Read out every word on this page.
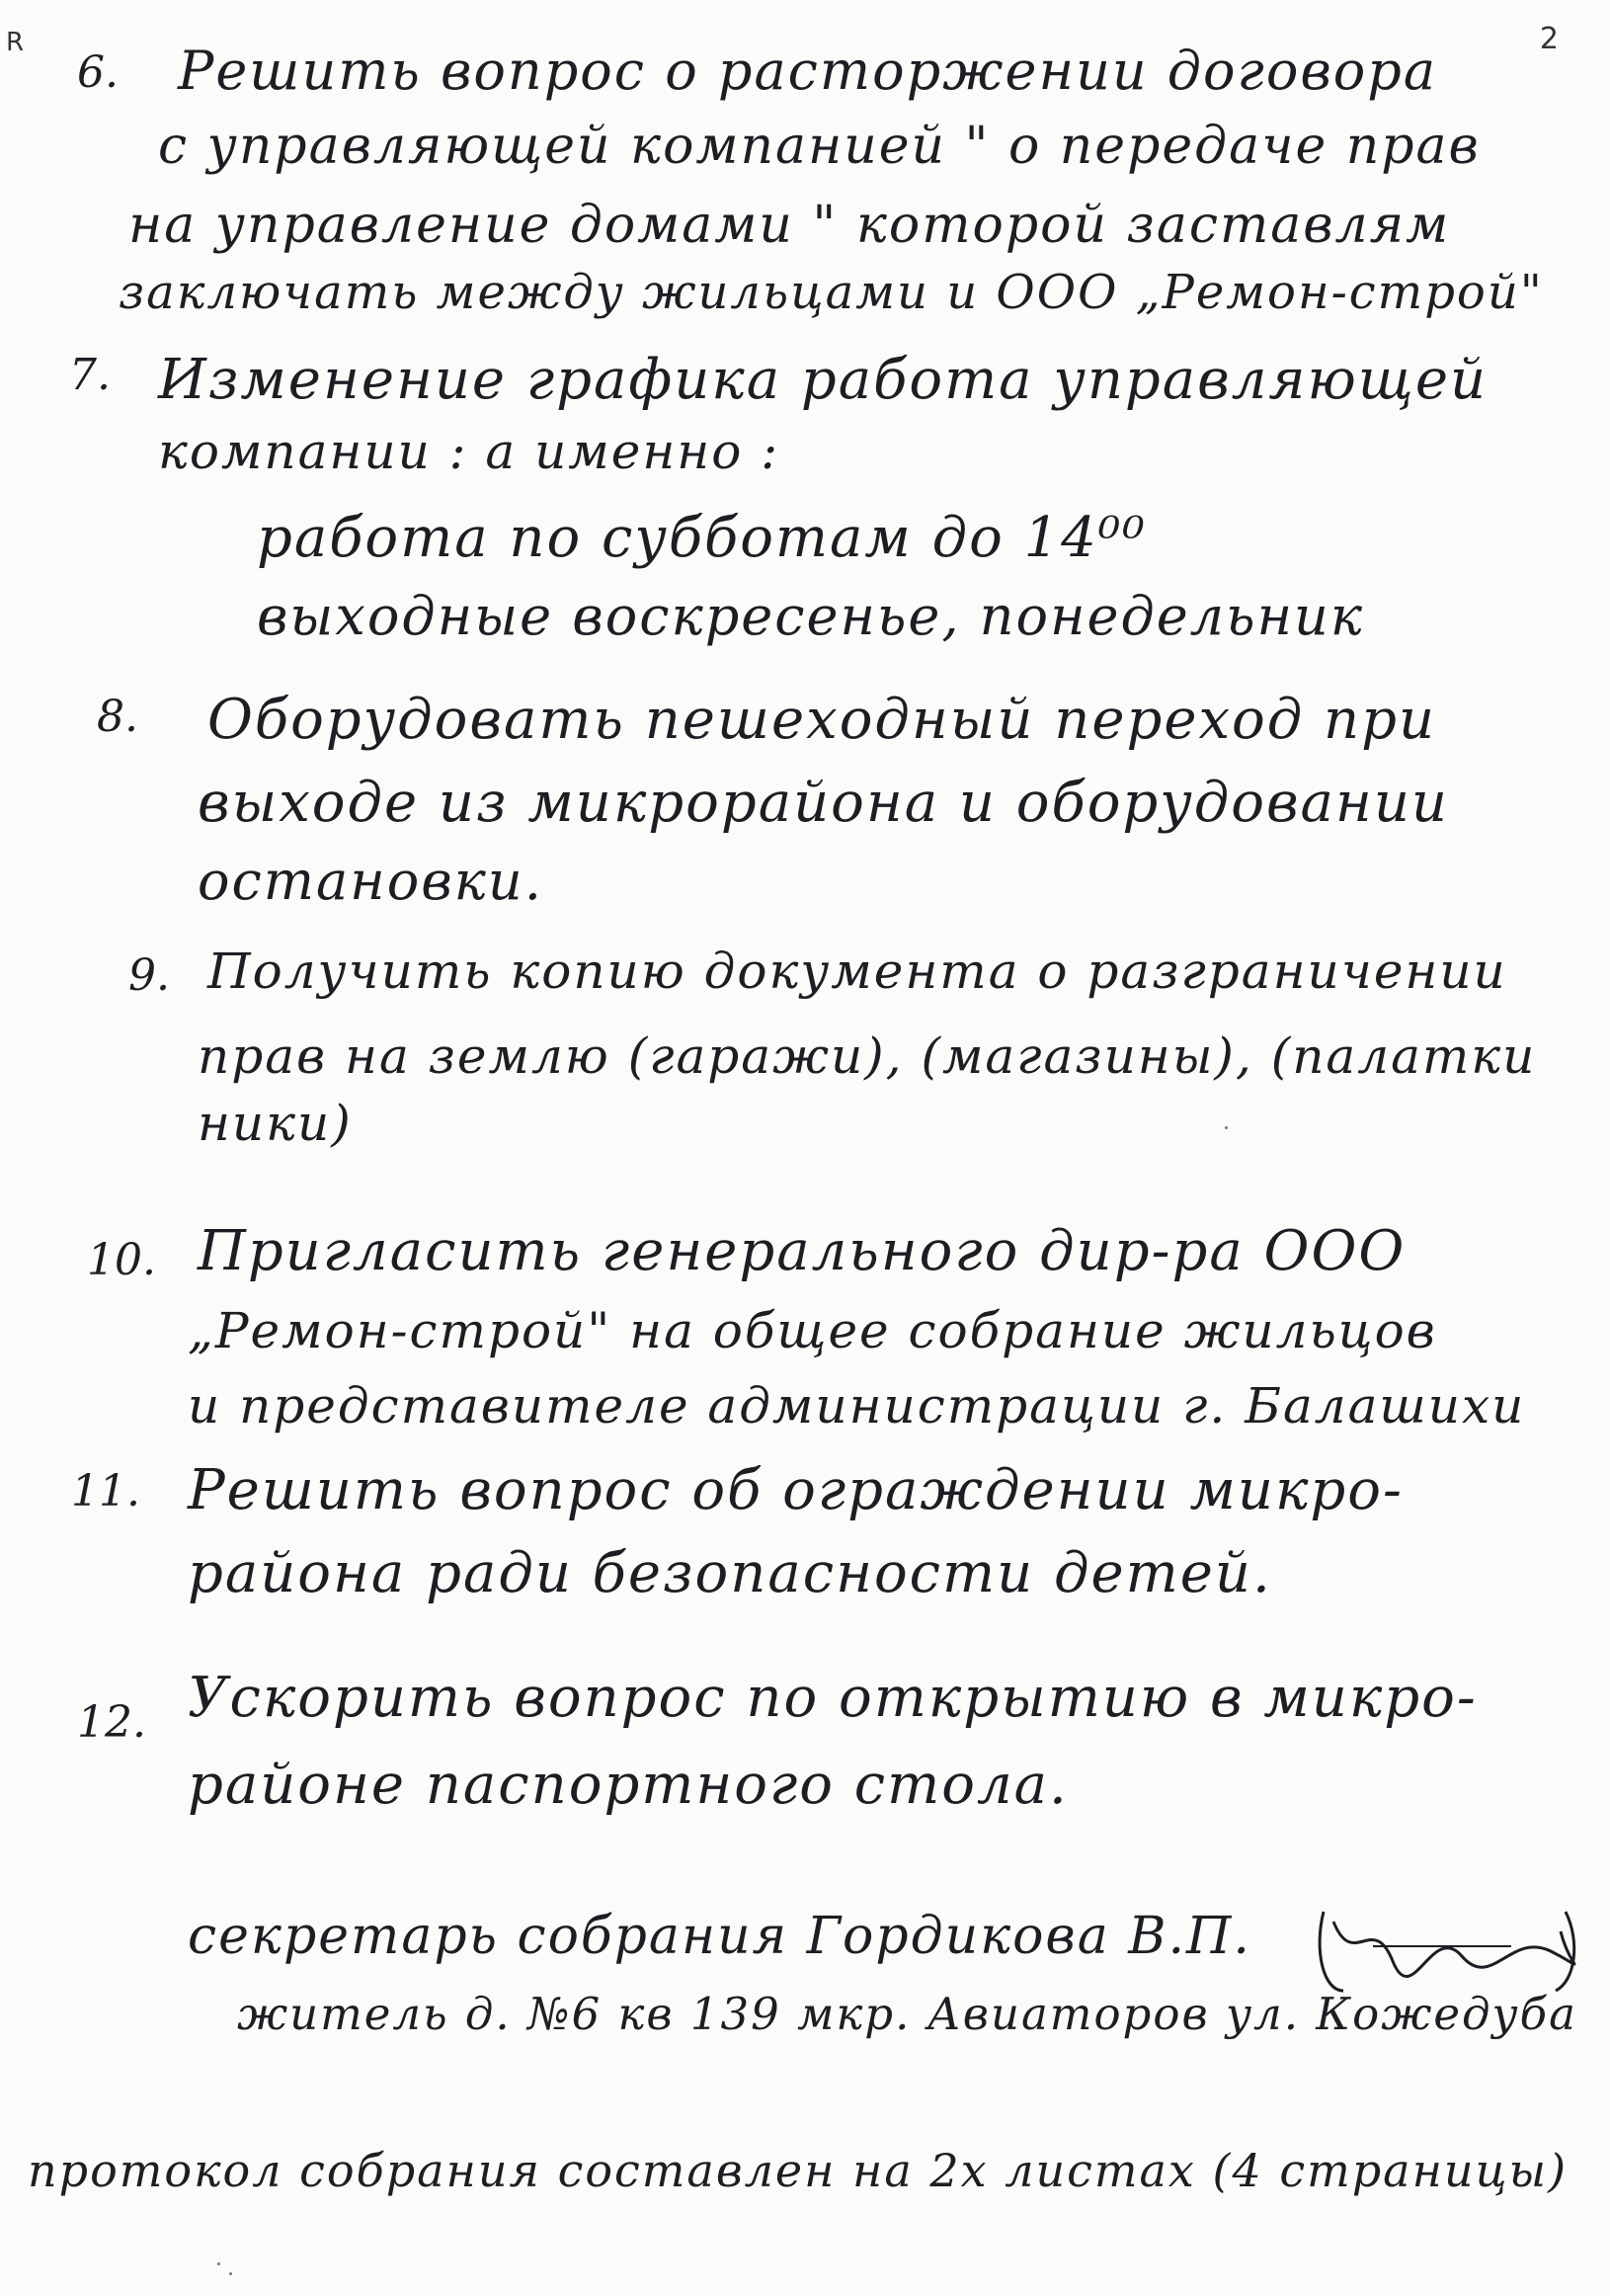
R	2
6. Решить вопрос о расторжении договора
с управляющей компанией " о передаче прав
на управление домами " которой заставлям
заключать между жильцами и ООО „Ремон-строй"
7. Изменение графика работа управляющей
компании : а именно :
работа по субботам до 14⁰⁰
выходные воскресенье, понедельник
8. Оборудовать пешеходный переход при
выходе из микрорайона и оборудовании
остановки.
9. Получить копию документа о разграничении
прав на землю (гаражи), (магазины), (палатки
ники)
10. Пригласить генерального дир-ра ООО
„Ремон-строй" на общее собрание жильцов
и представителе администрации г. Балашихи
11. Решить вопрос об ограждении микро-
района ради безопасности детей.
12. Ускорить вопрос по открытию в микро-
районе паспортного стола.
секретарь собрания Гордикова В.П.
житель д. №6 кв 139 мкр. Авиаторов ул. Кожедуба
протокол собрания составлен на 2х листах (4 страницы)
